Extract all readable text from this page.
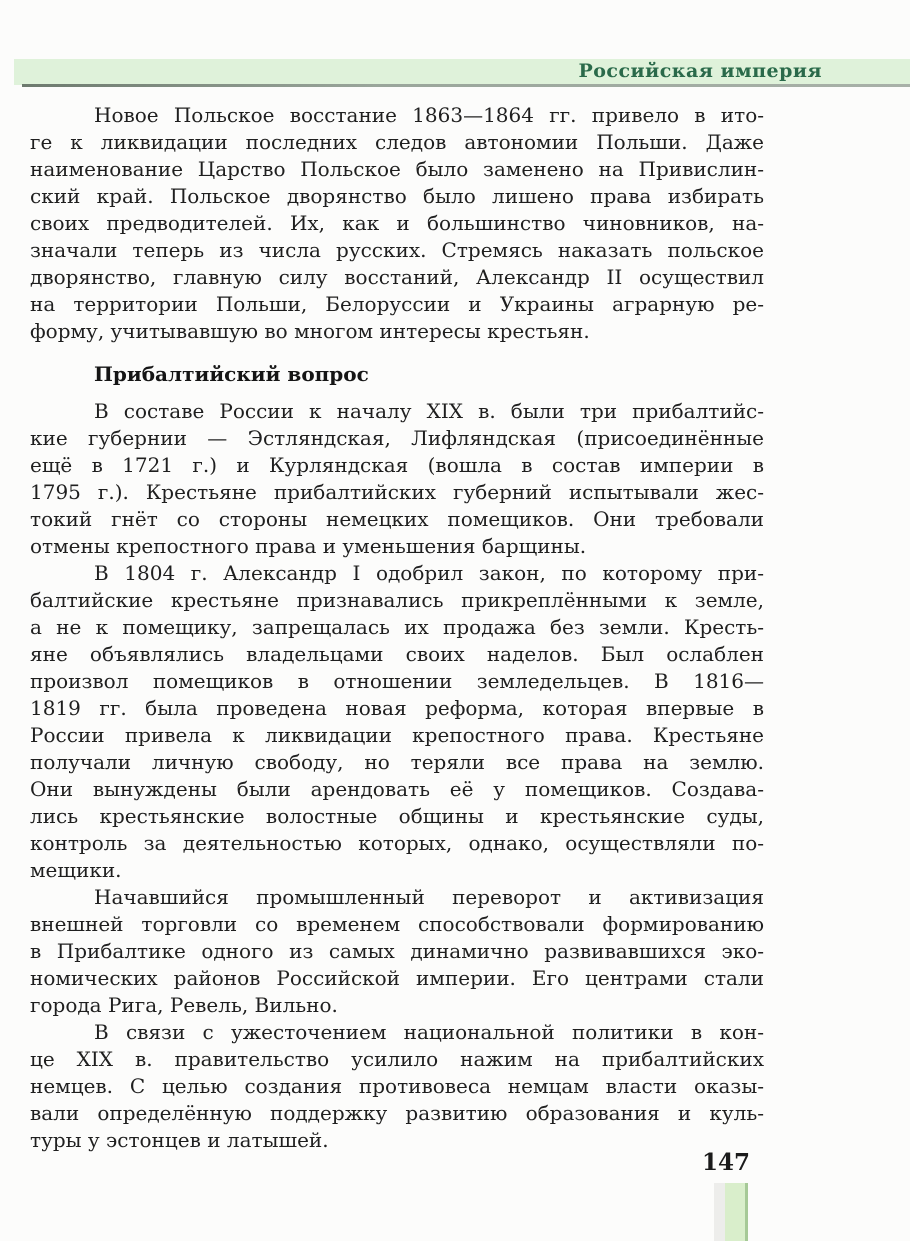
Российская империя
Новое Польское восстание 1863—1864 гг. привело в ито-
ге к ликвидации последних следов автономии Польши. Даже
наименование Царство Польское было заменено на Привислин-
ский край. Польское дворянство было лишено права избирать
своих предводителей. Их, как и большинство чиновников, на-
значали теперь из числа русских. Стремясь наказать польское
дворянство, главную силу восстаний, Александр II осуществил
на территории Польши, Белоруссии и Украины аграрную ре-
форму, учитывавшую во многом интересы крестьян.
Прибалтийский вопрос
В составе России к началу XIX в. были три прибалтийс-
кие губернии — Эстляндская, Лифляндская (присоединённые
ещё в 1721 г.) и Курляндская (вошла в состав империи в
1795 г.). Крестьяне прибалтийских губерний испытывали жес-
токий гнёт со стороны немецких помещиков. Они требовали
отмены крепостного права и уменьшения барщины.
В 1804 г. Александр I одобрил закон, по которому при-
балтийские крестьяне признавались прикреплёнными к земле,
а не к помещику, запрещалась их продажа без земли. Кресть-
яне объявлялись владельцами своих наделов. Был ослаблен
произвол помещиков в отношении земледельцев. В 1816—
1819 гг. была проведена новая реформа, которая впервые в
России привела к ликвидации крепостного права. Крестьяне
получали личную свободу, но теряли все права на землю.
Они вынуждены были арендовать её у помещиков. Создава-
лись крестьянские волостные общины и крестьянские суды,
контроль за деятельностью которых, однако, осуществляли по-
мещики.
Начавшийся промышленный переворот и активизация
внешней торговли со временем способствовали формированию
в Прибалтике одного из самых динамично развивавшихся эко-
номических районов Российской империи. Его центрами стали
города Рига, Ревель, Вильно.
В связи с ужесточением национальной политики в кон-
це XIX в. правительство усилило нажим на прибалтийских
немцев. С целью создания противовеса немцам власти оказы-
вали определённую поддержку развитию образования и куль-
туры у эстонцев и латышей.
147
